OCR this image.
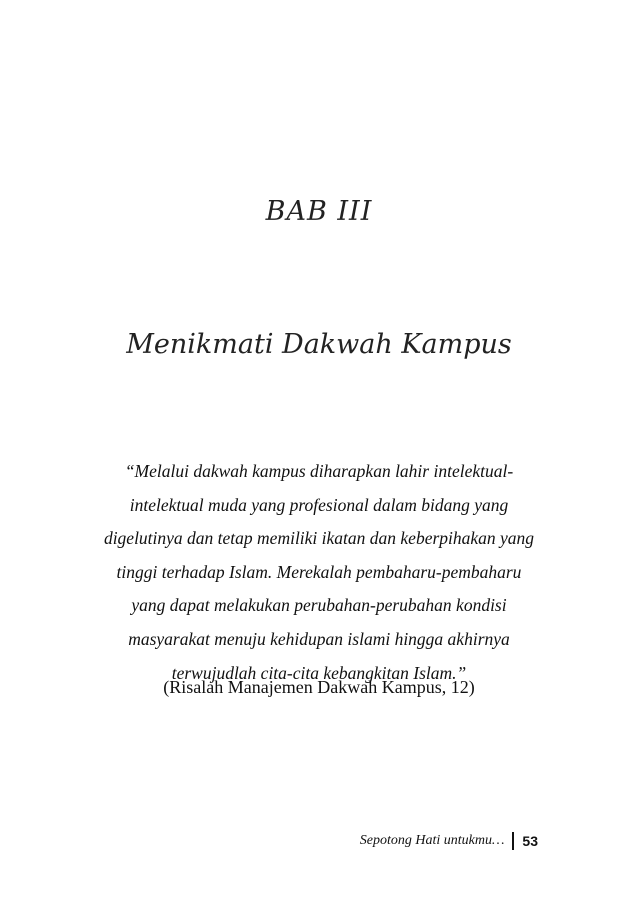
BAB III
Menikmati Dakwah Kampus
“Melalui dakwah kampus diharapkan lahir intelektual-
intelektual muda yang profesional dalam bidang yang
digelutinya dan tetap memiliki ikatan dan keberpihakan yang
tinggi terhadap Islam. Merekalah pembaharu-pembaharu
yang dapat melakukan perubahan-perubahan kondisi
masyarakat menuju kehidupan islami hingga akhirnya
terwujudlah cita-cita kebangkitan Islam.”
(Risalah Manajemen Dakwah Kampus, 12)
Sepotong Hati untukmu… 53
